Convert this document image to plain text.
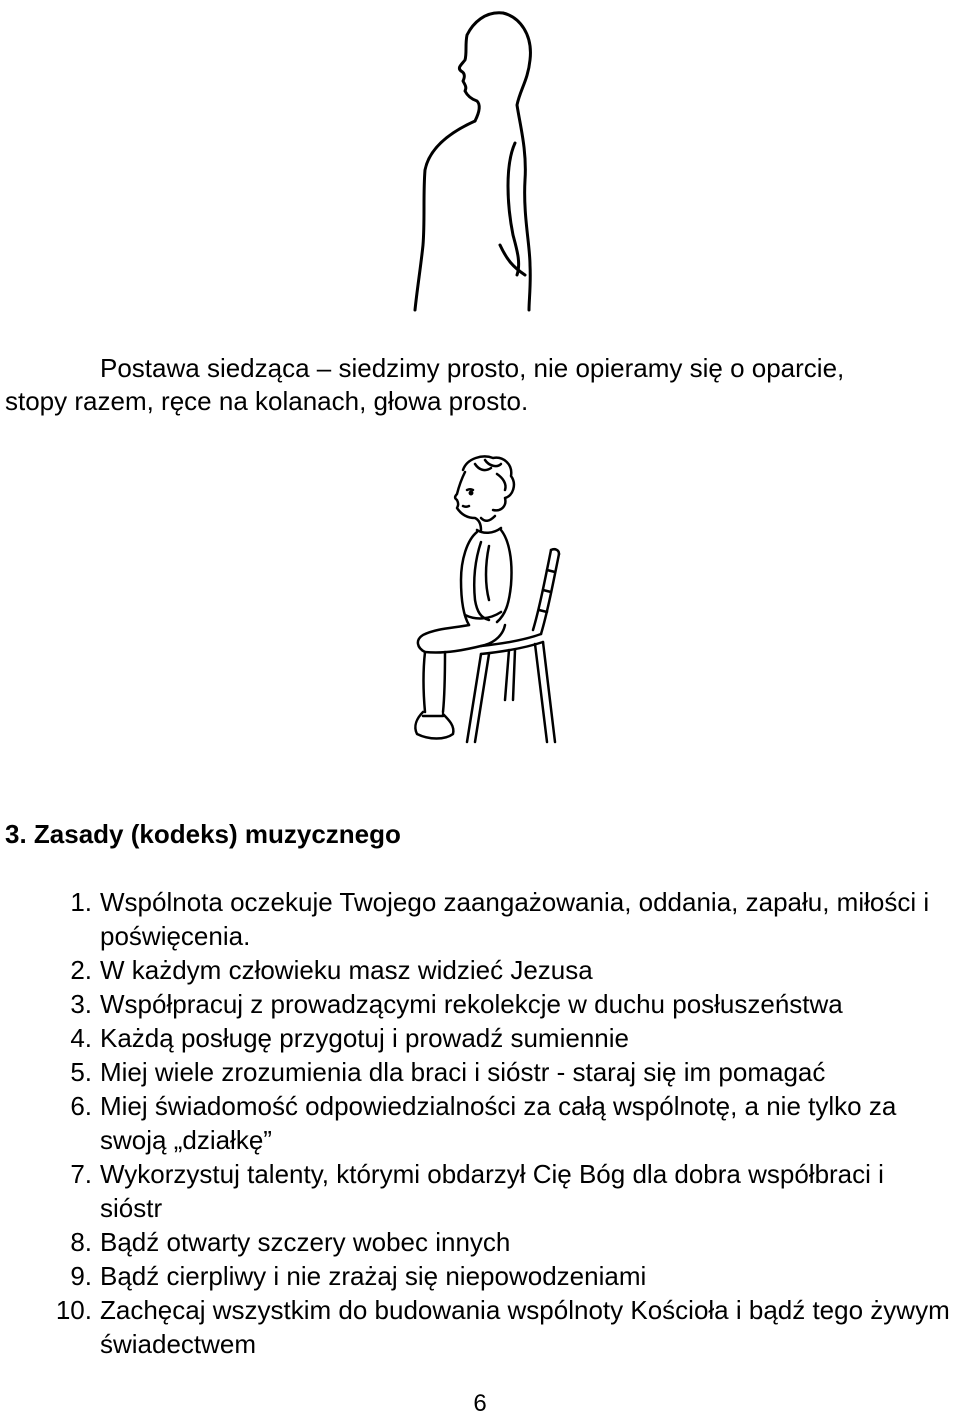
Postawa siedząca – siedzimy prosto, nie opieramy się o oparcie,
stopy razem, ręce na kolanach, głowa prosto.

3. Zasady (kodeks) muzycznego

1. Wspólnota oczekuje Twojego zaangażowania, oddania, zapału, miłości i poświęcenia.
2. W każdym człowieku masz widzieć Jezusa
3. Współpracuj z prowadzącymi rekolekcje w duchu posłuszeństwa
4. Każdą posługę przygotuj i prowadź sumiennie
5. Miej wiele zrozumienia dla braci i sióstr - staraj się im pomagać
6. Miej świadomość odpowiedzialności za całą wspólnotę, a nie tylko za swoją „działkę”
7. Wykorzystuj talenty, którymi obdarzył Cię Bóg dla dobra współbraci i sióstr
8. Bądź otwarty szczery wobec innych
9. Bądź cierpliwy i nie zrażaj się niepowodzeniami
10. Zachęcaj wszystkim do budowania wspólnoty Kościoła i bądź tego żywym świadectwem
6
